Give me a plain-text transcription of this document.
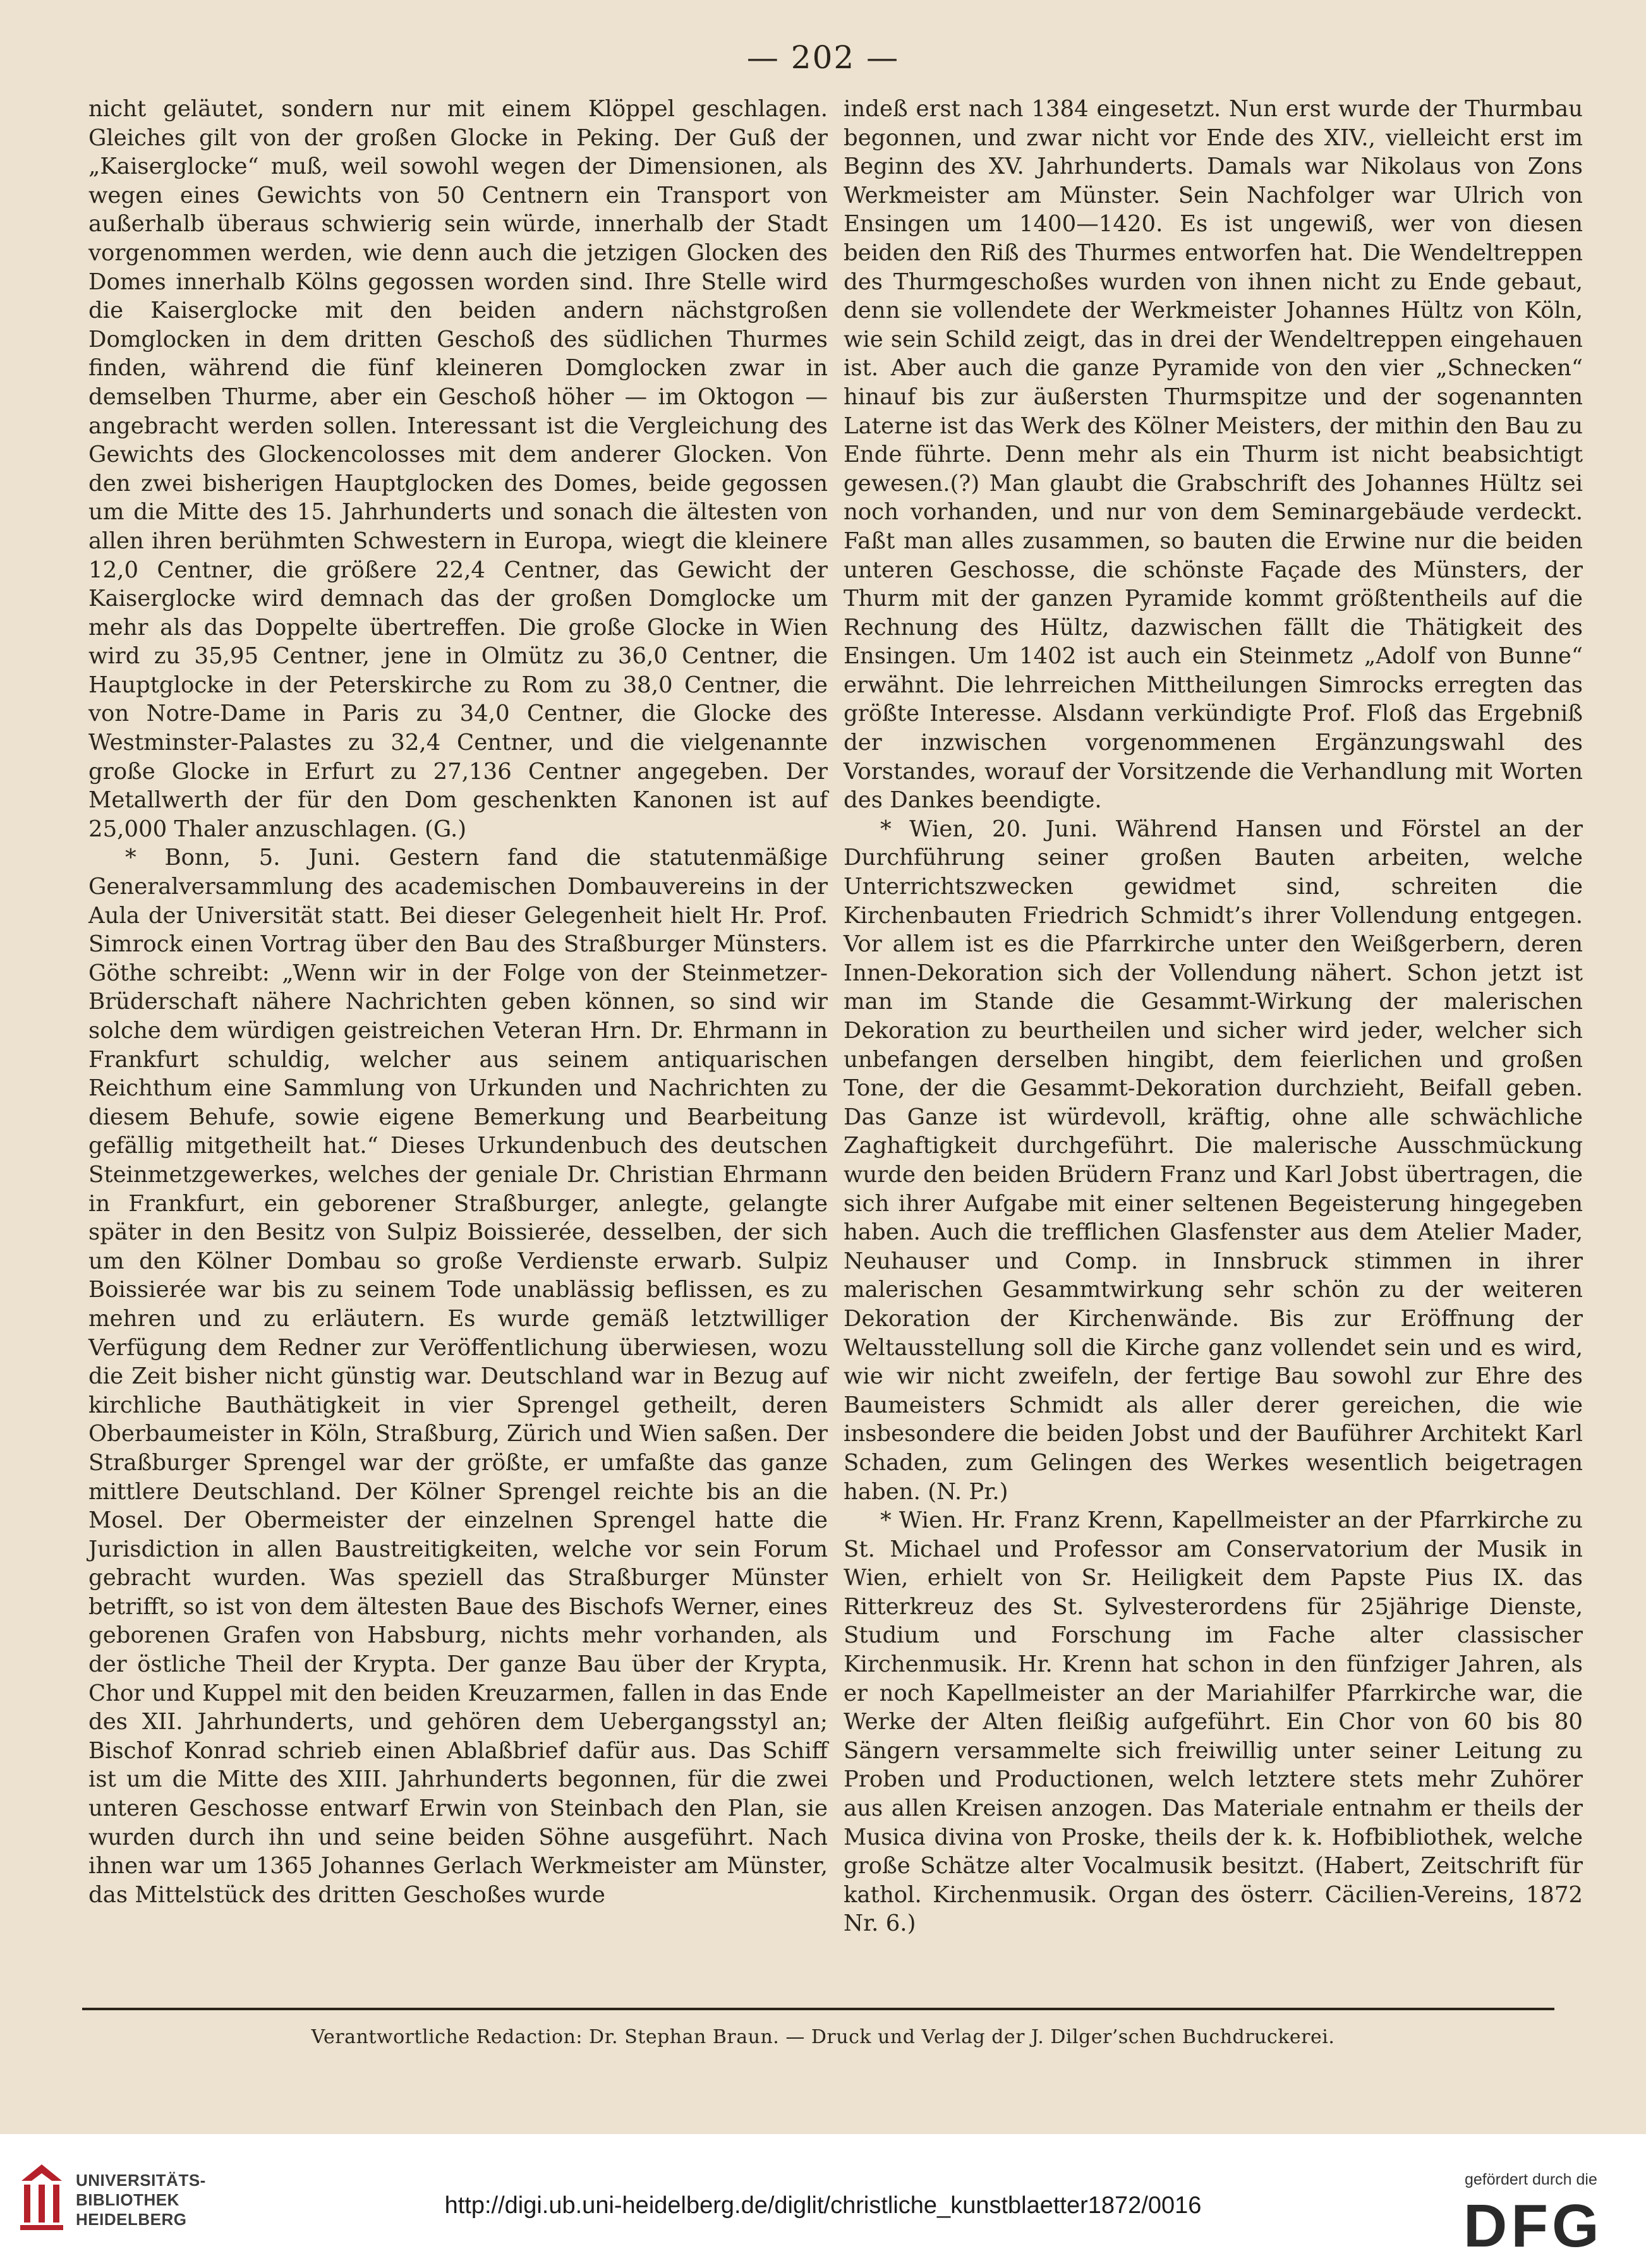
— 202 —

nicht geläutet, sondern nur mit einem Klöppel geschlagen. Gleiches gilt von der großen Glocke in Peking. Der Guß der „Kaiserglocke“ muß, weil sowohl wegen der Dimensionen, als wegen eines Gewichts von 50 Centnern ein Transport von außerhalb überaus schwierig sein würde, innerhalb der Stadt vorgenommen werden, wie denn auch die jetzigen Glocken des Domes innerhalb Kölns gegossen worden sind. Ihre Stelle wird die Kaiserglocke mit den beiden andern nächstgroßen Domglocken in dem dritten Geschoß des südlichen Thurmes finden, während die fünf kleineren Domglocken zwar in demselben Thurme, aber ein Geschoß höher — im Oktogon — angebracht werden sollen. Interessant ist die Vergleichung des Gewichts des Glockencolosses mit dem anderer Glocken. Von den zwei bisherigen Hauptglocken des Domes, beide gegossen um die Mitte des 15. Jahrhunderts und sonach die ältesten von allen ihren berühmten Schwestern in Europa, wiegt die kleinere 12,0 Centner, die größere 22,4 Centner, das Gewicht der Kaiserglocke wird demnach das der großen Domglocke um mehr als das Doppelte übertreffen. Die große Glocke in Wien wird zu 35,95 Centner, jene in Olmütz zu 36,0 Centner, die Hauptglocke in der Peterskirche zu Rom zu 38,0 Centner, die von Notre-Dame in Paris zu 34,0 Centner, die Glocke des Westminster-Palastes zu 32,4 Centner, und die vielgenannte große Glocke in Erfurt zu 27,136 Centner angegeben. Der Metallwerth der für den Dom geschenkten Kanonen ist auf 25,000 Thaler anzuschlagen. (G.)

* Bonn, 5. Juni. Gestern fand die statutenmäßige Generalversammlung des academischen Dombauvereins in der Aula der Universität statt. Bei dieser Gelegenheit hielt Hr. Prof. Simrock einen Vortrag über den Bau des Straßburger Münsters. Göthe schreibt: „Wenn wir in der Folge von der Steinmetzer-Brüderschaft nähere Nachrichten geben können, so sind wir solche dem würdigen geistreichen Veteran Hrn. Dr. Ehrmann in Frankfurt schuldig, welcher aus seinem antiquarischen Reichthum eine Sammlung von Urkunden und Nachrichten zu diesem Behufe, sowie eigene Bemerkung und Bearbeitung gefällig mitgetheilt hat.“ Dieses Urkundenbuch des deutschen Steinmetzgewerkes, welches der geniale Dr. Christian Ehrmann in Frankfurt, ein geborener Straßburger, anlegte, gelangte später in den Besitz von Sulpiz Boissierée, desselben, der sich um den Kölner Dombau so große Verdienste erwarb. Sulpiz Boissierée war bis zu seinem Tode unablässig beflissen, es zu mehren und zu erläutern. Es wurde gemäß letztwilliger Verfügung dem Redner zur Veröffentlichung überwiesen, wozu die Zeit bisher nicht günstig war. Deutschland war in Bezug auf kirchliche Bauthätigkeit in vier Sprengel getheilt, deren Oberbaumeister in Köln, Straßburg, Zürich und Wien saßen. Der Straßburger Sprengel war der größte, er umfaßte das ganze mittlere Deutschland. Der Kölner Sprengel reichte bis an die Mosel. Der Obermeister der einzelnen Sprengel hatte die Jurisdiction in allen Baustreitigkeiten, welche vor sein Forum gebracht wurden. Was speziell das Straßburger Münster betrifft, so ist von dem ältesten Baue des Bischofs Werner, eines geborenen Grafen von Habsburg, nichts mehr vorhanden, als der östliche Theil der Krypta. Der ganze Bau über der Krypta, Chor und Kuppel mit den beiden Kreuzarmen, fallen in das Ende des XII. Jahrhunderts, und gehören dem Uebergangsstyl an; Bischof Konrad schrieb einen Ablaßbrief dafür aus. Das Schiff ist um die Mitte des XIII. Jahrhunderts begonnen, für die zwei unteren Geschosse entwarf Erwin von Steinbach den Plan, sie wurden durch ihn und seine beiden Söhne ausgeführt. Nach ihnen war um 1365 Johannes Gerlach Werkmeister am Münster, das Mittelstück des dritten Geschoßes wurde

indeß erst nach 1384 eingesetzt. Nun erst wurde der Thurmbau begonnen, und zwar nicht vor Ende des XIV., vielleicht erst im Beginn des XV. Jahrhunderts. Damals war Nikolaus von Zons Werkmeister am Münster. Sein Nachfolger war Ulrich von Ensingen um 1400—1420. Es ist ungewiß, wer von diesen beiden den Riß des Thurmes entworfen hat. Die Wendeltreppen des Thurmgeschoßes wurden von ihnen nicht zu Ende gebaut, denn sie vollendete der Werkmeister Johannes Hültz von Köln, wie sein Schild zeigt, das in drei der Wendeltreppen eingehauen ist. Aber auch die ganze Pyramide von den vier „Schnecken“ hinauf bis zur äußersten Thurmspitze und der sogenannten Laterne ist das Werk des Kölner Meisters, der mithin den Bau zu Ende führte. Denn mehr als ein Thurm ist nicht beabsichtigt gewesen.(?) Man glaubt die Grabschrift des Johannes Hültz sei noch vorhanden, und nur von dem Seminargebäude verdeckt. Faßt man alles zusammen, so bauten die Erwine nur die beiden unteren Geschosse, die schönste Façade des Münsters, der Thurm mit der ganzen Pyramide kommt größtentheils auf die Rechnung des Hültz, dazwischen fällt die Thätigkeit des Ensingen. Um 1402 ist auch ein Steinmetz „Adolf von Bunne“ erwähnt. Die lehrreichen Mittheilungen Simrocks erregten das größte Interesse. Alsdann verkündigte Prof. Floß das Ergebniß der inzwischen vorgenommenen Ergänzungswahl des Vorstandes, worauf der Vorsitzende die Verhandlung mit Worten des Dankes beendigte.

* Wien, 20. Juni. Während Hansen und Förstel an der Durchführung seiner großen Bauten arbeiten, welche Unterrichtszwecken gewidmet sind, schreiten die Kirchenbauten Friedrich Schmidt’s ihrer Vollendung entgegen. Vor allem ist es die Pfarrkirche unter den Weißgerbern, deren Innen-Dekoration sich der Vollendung nähert. Schon jetzt ist man im Stande die Gesammt-Wirkung der malerischen Dekoration zu beurtheilen und sicher wird jeder, welcher sich unbefangen derselben hingibt, dem feierlichen und großen Tone, der die Gesammt-Dekoration durchzieht, Beifall geben. Das Ganze ist würdevoll, kräftig, ohne alle schwächliche Zaghaftigkeit durchgeführt. Die malerische Ausschmückung wurde den beiden Brüdern Franz und Karl Jobst übertragen, die sich ihrer Aufgabe mit einer seltenen Begeisterung hingegeben haben. Auch die trefflichen Glasfenster aus dem Atelier Mader, Neuhauser und Comp. in Innsbruck stimmen in ihrer malerischen Gesammtwirkung sehr schön zu der weiteren Dekoration der Kirchenwände. Bis zur Eröffnung der Weltausstellung soll die Kirche ganz vollendet sein und es wird, wie wir nicht zweifeln, der fertige Bau sowohl zur Ehre des Baumeisters Schmidt als aller derer gereichen, die wie insbesondere die beiden Jobst und der Bauführer Architekt Karl Schaden, zum Gelingen des Werkes wesentlich beigetragen haben. (N. Pr.)

* Wien. Hr. Franz Krenn, Kapellmeister an der Pfarrkirche zu St. Michael und Professor am Conservatorium der Musik in Wien, erhielt von Sr. Heiligkeit dem Papste Pius IX. das Ritterkreuz des St. Sylvesterordens für 25jährige Dienste, Studium und Forschung im Fache alter classischer Kirchenmusik. Hr. Krenn hat schon in den fünfziger Jahren, als er noch Kapellmeister an der Mariahilfer Pfarrkirche war, die Werke der Alten fleißig aufgeführt. Ein Chor von 60 bis 80 Sängern versammelte sich freiwillig unter seiner Leitung zu Proben und Productionen, welch letztere stets mehr Zuhörer aus allen Kreisen anzogen. Das Materiale entnahm er theils der Musica divina von Proske, theils der k. k. Hofbibliothek, welche große Schätze alter Vocalmusik besitzt. (Habert, Zeitschrift für kathol. Kirchenmusik. Organ des österr. Cäcilien-Vereins, 1872 Nr. 6.)

Verantwortliche Redaction: Dr. Stephan Braun. — Druck und Verlag der J. Dilger’schen Buchdruckerei.
UNIVERSITÄTS-BIBLIOTHEK HEIDELBERG
http://digi.ub.uni-heidelberg.de/diglit/christliche_kunstblaetter1872/0016
gefördert durch die
DFG
